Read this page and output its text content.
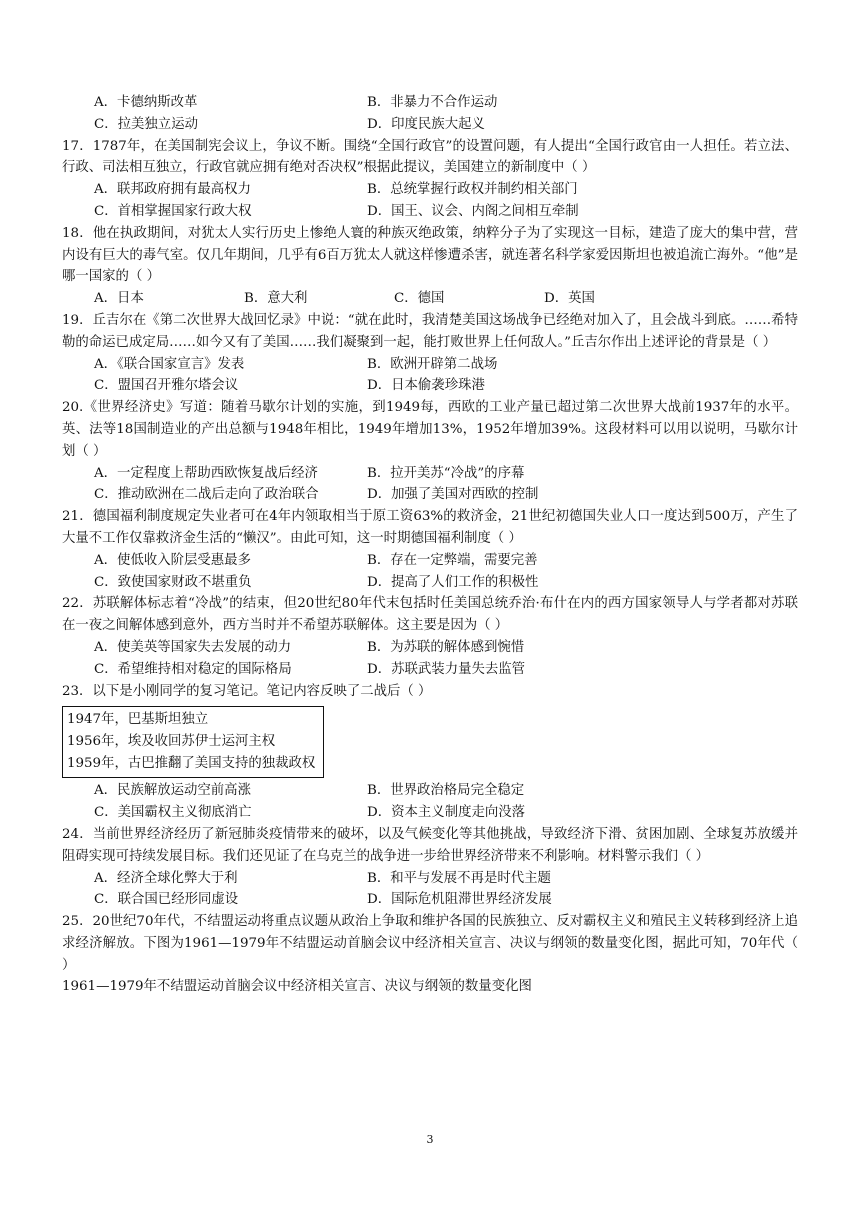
A．卡德纳斯改革	B．非暴力不合作运动
C．拉美独立运动	D．印度民族大起义
17．1787年，在美国制宪会议上，争议不断。围绕“全国行政官”的设置问题，有人提出“全国行政官由一人担任。若立法、行政、司法相互独立，行政官就应拥有绝对否决权”根据此提议，美国建立的新制度中（ ）
A．联邦政府拥有最高权力	B．总统掌握行政权并制约相关部门
C．首相掌握国家行政大权	D．国王、议会、内阁之间相互牵制
18．他在执政期间，对犹太人实行历史上惨绝人寰的种族灭绝政策，纳粹分子为了实现这一目标，建造了庞大的集中营，营内设有巨大的毒气室。仅几年期间，几乎有6百万犹太人就这样惨遭杀害，就连著名科学家爱因斯坦也被追流亡海外。“他”是哪一国家的（ ）
A．日本	B．意大利	C．德国	D．英国
19．丘吉尔在《第二次世界大战回忆录》中说：“就在此时，我清楚美国这场战争已经绝对加入了，且会战斗到底。……希特勒的命运已成定局……如今又有了美国……我们凝聚到一起，能打败世界上任何敌人。”丘吉尔作出上述评论的背景是（ ）
A．《联合国家宣言》发表	B．欧洲开辟第二战场
C．盟国召开雅尔塔会议	D．日本偷袭珍珠港
20.《世界经济史》写道：随着马歇尔计划的实施，到1949每，西欧的工业产量已超过第二次世界大战前1937年的水平。英、法等18国制造业的产出总额与1948年相比，1949年增加13%，1952年增加39%。这段材料可以用以说明，马歇尔计划（ ）
A．一定程度上帮助西欧恢复战后经济	B．拉开美苏“冷战”的序幕
C．推动欧洲在二战后走向了政治联合	D．加强了美国对西欧的控制
21．德国福利制度规定失业者可在4年内领取相当于原工资63%的救济金，21世纪初德国失业人口一度达到500万，产生了大量不工作仅靠救济金生活的“懒汉”。由此可知，这一时期德国福利制度（ ）
A．使低收入阶层受惠最多	B．存在一定弊端，需要完善
C．致使国家财政不堪重负	D．提高了人们工作的积极性
22．苏联解体标志着“冷战”的结束，但20世纪80年代末包括时任美国总统乔治·布什在内的西方国家领导人与学者都对苏联在一夜之间解体感到意外，西方当时并不希望苏联解体。这主要是因为（ ）
A．使美英等国家失去发展的动力	B．为苏联的解体感到惋惜
C．希望维持相对稳定的国际格局	D．苏联武装力量失去监管
23．以下是小刚同学的复习笔记。笔记内容反映了二战后（ ）
1947年，巴基斯坦独立
1956年，埃及收回苏伊士运河主权
1959年，古巴推翻了美国支持的独裁政权
A．民族解放运动空前高涨	B．世界政治格局完全稳定
C．美国霸权主义彻底消亡	D．资本主义制度走向没落
24．当前世界经济经历了新冠肺炎疫情带来的破坏，以及气候变化等其他挑战，导致经济下滑、贫困加剧、全球复苏放缓并阻碍实现可持续发展目标。我们还见证了在乌克兰的战争进一步给世界经济带来不利影响。材料警示我们（ ）
A．经济全球化弊大于利	B．和平与发展不再是时代主题
C．联合国已经形同虚设	D．国际危机阻滞世界经济发展
25．20世纪70年代，不结盟运动将重点议题从政治上争取和维护各国的民族独立、反对霸权主义和殖民主义转移到经济上追求经济解放。下图为1961—1979年不结盟运动首脑会议中经济相关宣言、决议与纲领的数量变化图，据此可知，70年代（ ）
1961—1979年不结盟运动首脑会议中经济相关宣言、决议与纲领的数量变化图
3
